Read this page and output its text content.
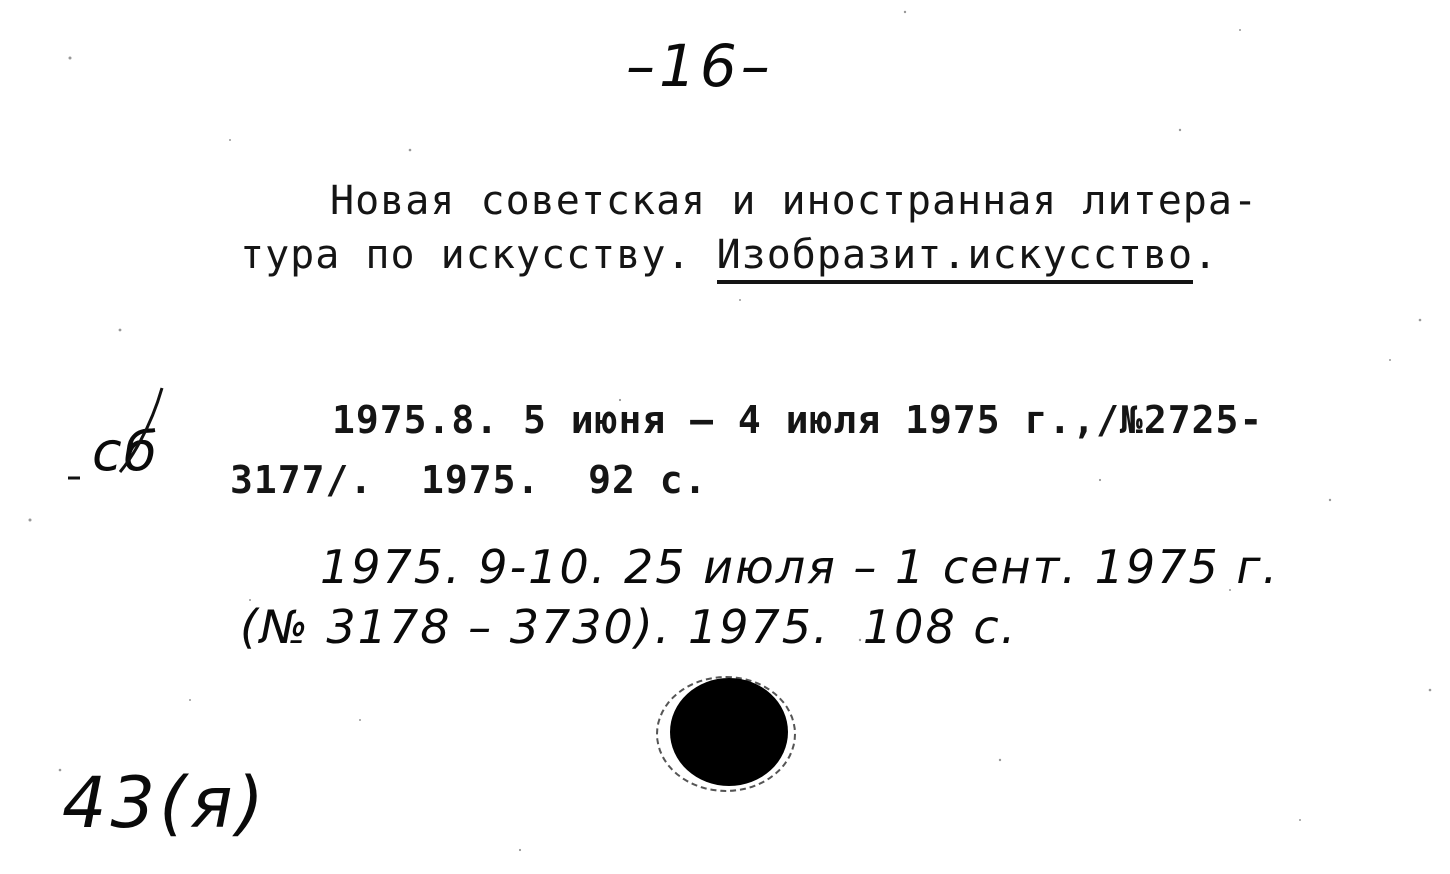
–16–
Новая советская и иностранная литера-
тура по искусству. Изобразит.искусство.
сб	1975.8. 5 июня – 4 июля 1975 г.,/№2725-
3177/.  1975.  92 с.
1975. 9-10. 25 июля – 1 сент. 1975 г.
(№ 3178 – 3730). 1975.  108 с.
43(я)
